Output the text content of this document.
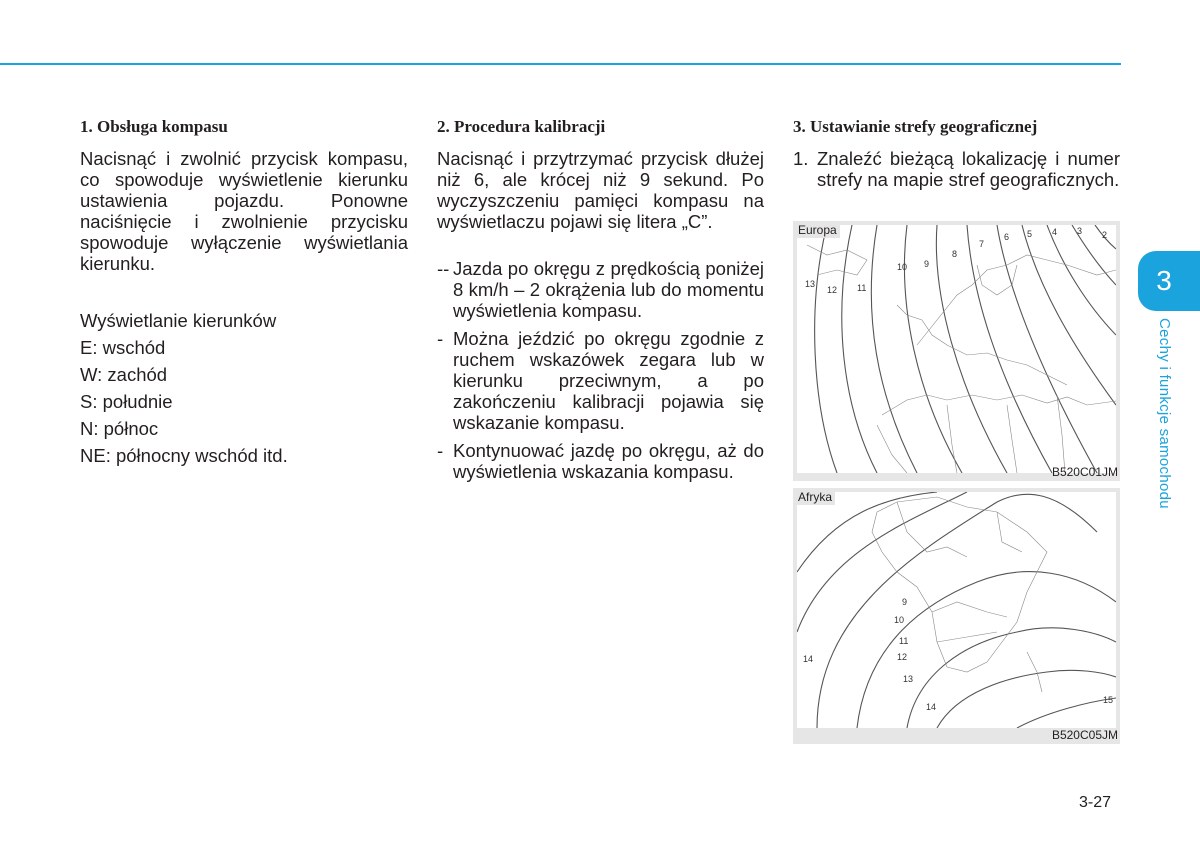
1. Obsługa kompasu

Nacisnąć i zwolnić przycisk kompasu, co spowoduje wyświetlenie kierunku ustawienia pojazdu. Ponowne naciśnięcie i zwolnienie przycisku spowoduje wyłączenie wyświetlania kierunku.

Wyświetlanie kierunków
E: wschód
W: zachód
S: południe
N: północ
NE: północny wschód itd.
2. Procedura kalibracji

Nacisnąć i przytrzymać przycisk dłużej niż 6, ale krócej niż 9 sekund. Po wyczyszczeniu pamięci kompasu na wyświetlaczu pojawi się litera „C”.

-- Jazda po okręgu z prędkością poniżej 8 km/h – 2 okrążenia lub do momentu wyświetlenia kompasu.
- Można jeździć po okręgu zgodnie z ruchem wskazówek zegara lub w kierunku przeciwnym, a po zakończeniu kalibracji pojawia się wskazanie kompasu.
- Kontynuować jazdę po okręgu, aż do wyświetlenia wskazania kompasu.
3. Ustawianie strefy geograficznej
1. Znaleźć bieżącą lokalizację i numer strefy na mapie stref geograficznych.
13
12 11
10 9
8
7
6 5 4 3 2
Europa
B520C01JM
9
10
11
12
13
14
14
15
Afryka
B520C05JM
3
Cechy i funkcje samochodu
3-27
